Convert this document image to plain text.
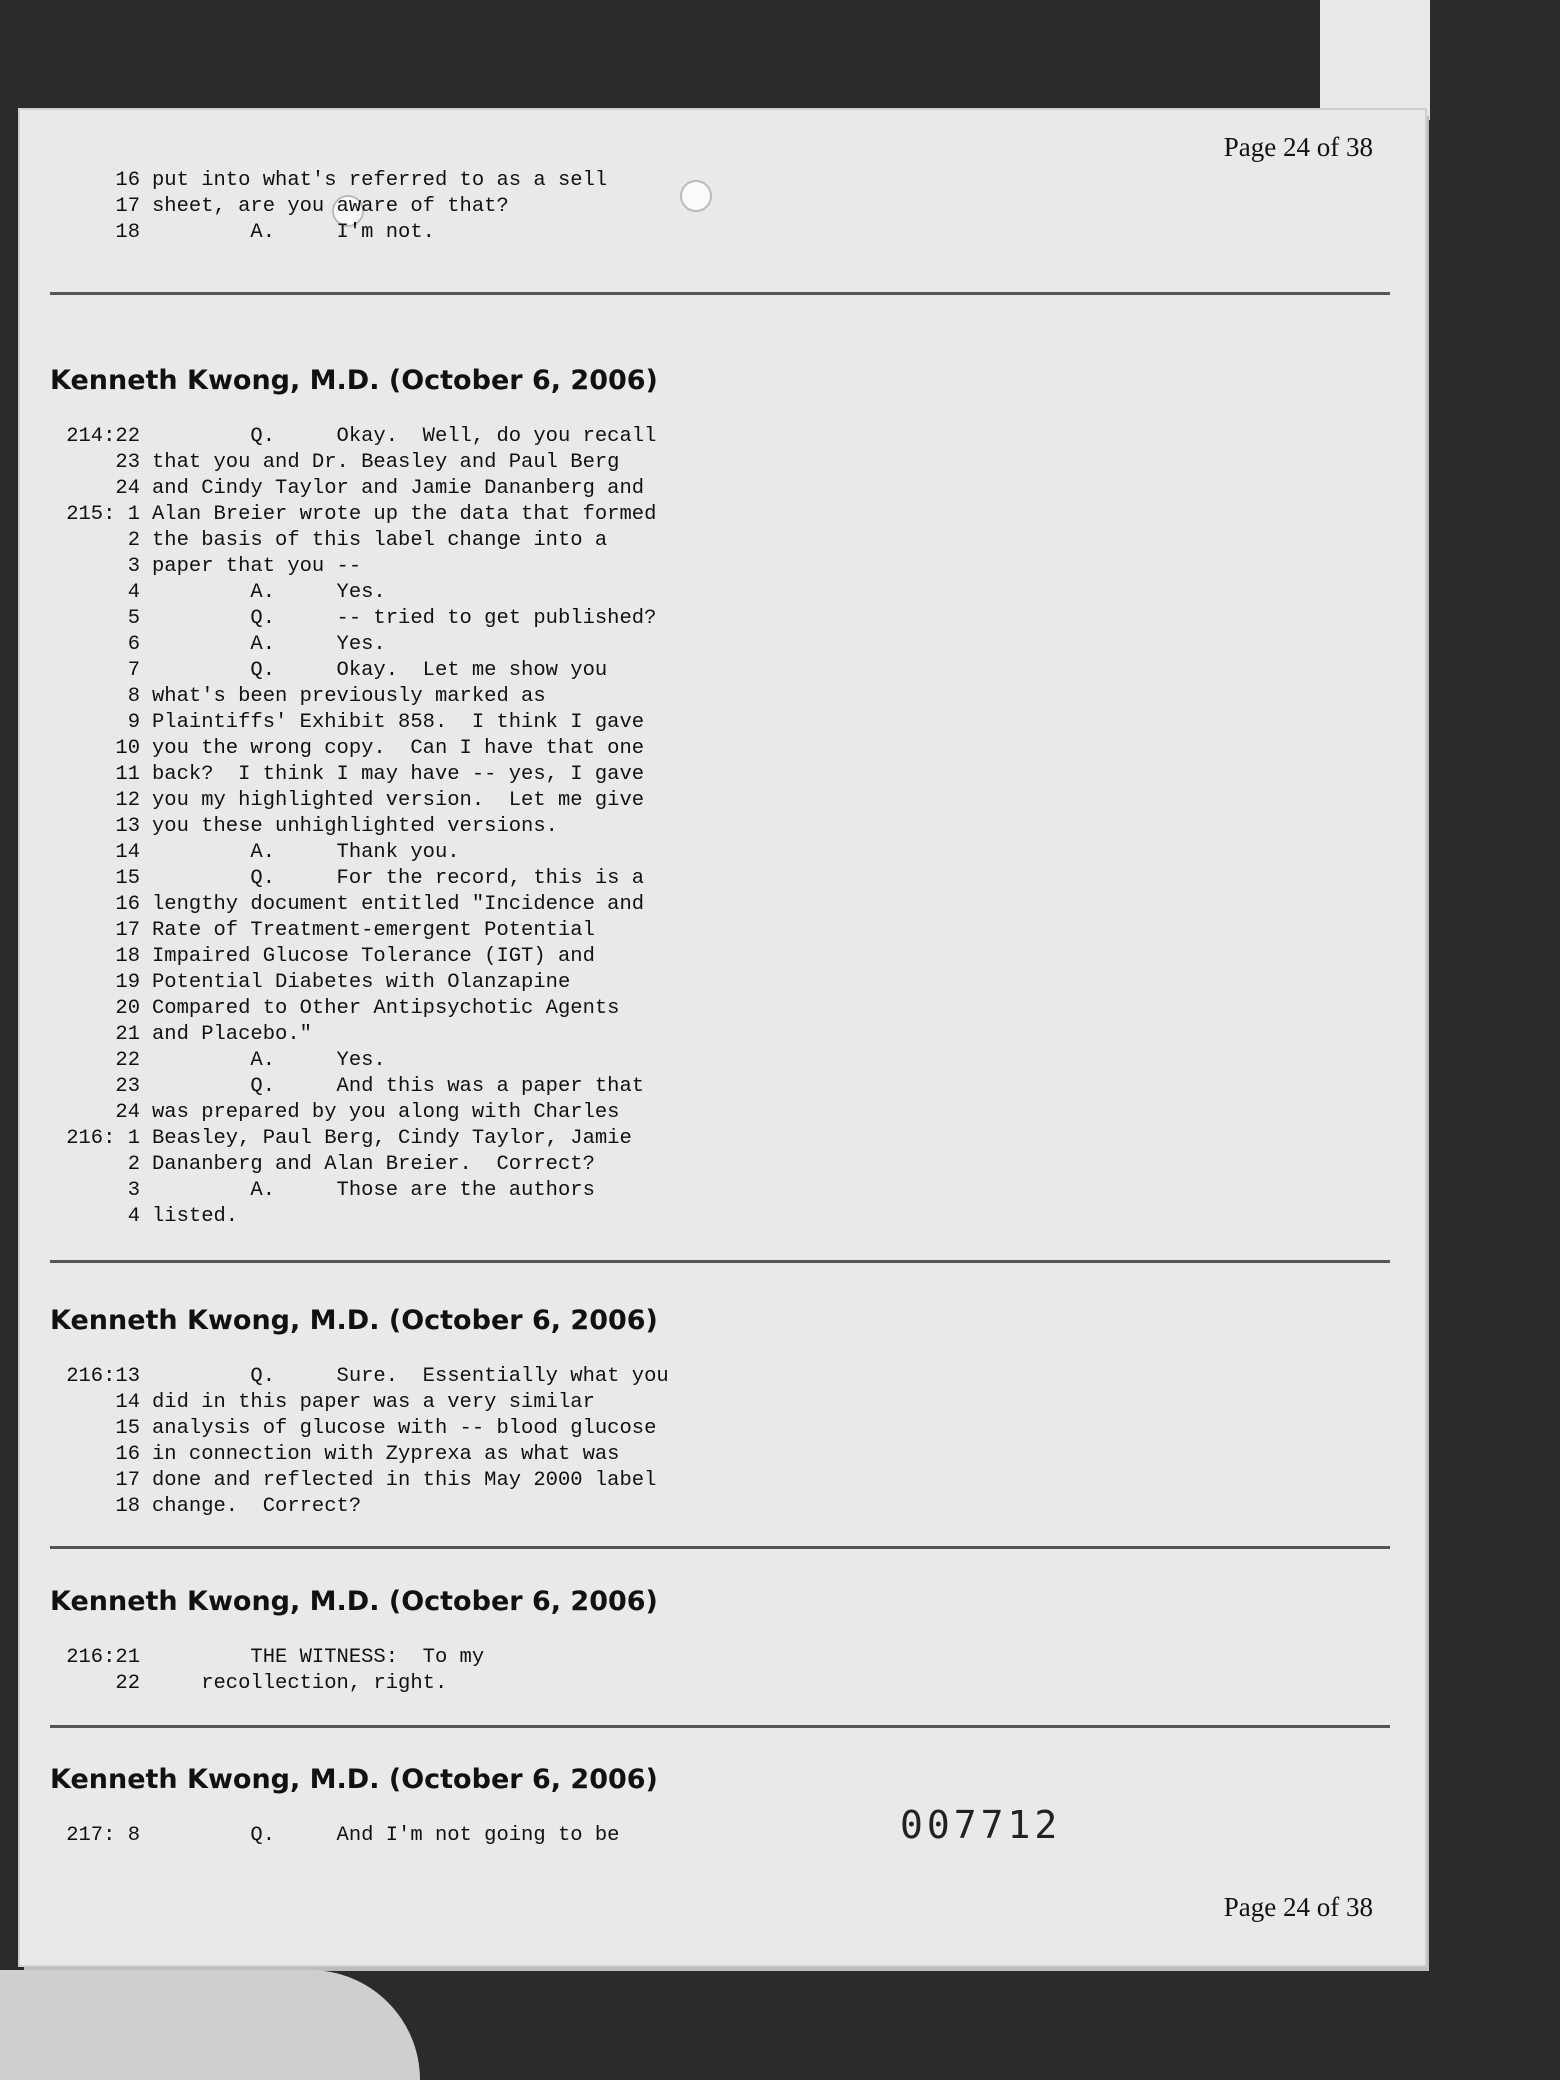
Page 24 of 38
16 put into what's referred to as a sell
17 sheet, are you aware of that?
18 A.     I'm not.
Kenneth Kwong, M.D. (October 6, 2006)
214:22 Q.     Okay.  Well, do you recall
23 that you and Dr. Beasley and Paul Berg
24 and Cindy Taylor and Jamie Dananberg and
215: 1 Alan Breier wrote up the data that formed
2 the basis of this label change into a
3 paper that you --
4 A.     Yes.
5 Q.     -- tried to get published?
6 A.     Yes.
7 Q.     Okay.  Let me show you
8 what's been previously marked as
9 Plaintiffs' Exhibit 858.  I think I gave
10 you the wrong copy.  Can I have that one
11 back?  I think I may have -- yes, I gave
12 you my highlighted version.  Let me give
13 you these unhighlighted versions.
14 A.     Thank you.
15 Q.     For the record, this is a
16 lengthy document entitled "Incidence and
17 Rate of Treatment-emergent Potential
18 Impaired Glucose Tolerance (IGT) and
19 Potential Diabetes with Olanzapine
20 Compared to Other Antipsychotic Agents
21 and Placebo."
22 A.     Yes.
23 Q.     And this was a paper that
24 was prepared by you along with Charles
216: 1 Beasley, Paul Berg, Cindy Taylor, Jamie
2 Dananberg and Alan Breier.  Correct?
3 A.     Those are the authors
4 listed.
Kenneth Kwong, M.D. (October 6, 2006)
216:13 Q.     Sure.  Essentially what you
14 did in this paper was a very similar
15 analysis of glucose with -- blood glucose
16 in connection with Zyprexa as what was
17 done and reflected in this May 2000 label
18 change.  Correct?
Kenneth Kwong, M.D. (October 6, 2006)
216:21 THE WITNESS:  To my
22 recollection, right.
Kenneth Kwong, M.D. (October 6, 2006)
217: 8 Q.     And I'm not going to be	007712
Page 24 of 38
